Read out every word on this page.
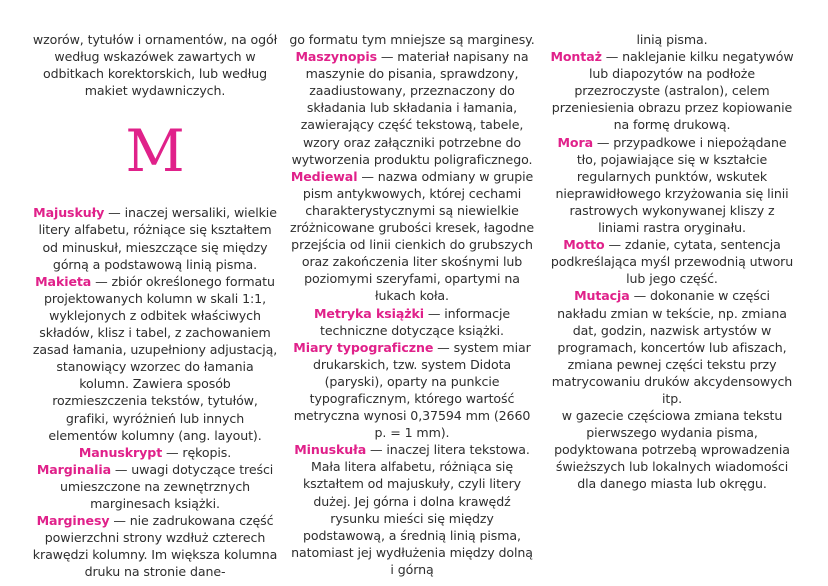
wzorów, tytułów i ornamentów, na ogół według wskazówek zawartych w odbitkach korektorskich, lub według makiet wydawniczych.

M

Majuskuły — inaczej wersaliki, wielkie litery alfabetu, różniące się kształtem od minuskuł, mieszczące się między górną a podstawową linią pisma.

Makieta — zbiór określonego formatu projektowanych kolumn w skali 1:1, wyklejonych z odbitek właściwych składów, klisz i tabel, z zachowaniem zasad łamania, uzupełniony adjustacją, stanowiący wzorzec do łamania kolumn. Zawiera sposób rozmieszczenia tekstów, tytułów, grafiki, wyróżnień lub innych elementów kolumny (ang. layout).

Manuskrypt — rękopis.

Marginalia — uwagi dotyczące treści umieszczone na zewnętrznych marginesach książki.

Marginesy — nie zadrukowana część powierzchni strony wzdłuż czterech krawędzi kolumny. Im większa kolumna druku na stronie dane-

go formatu tym mniejsze są marginesy.

Maszynopis — materiał napisany na maszynie do pisania, sprawdzony, zaadiustowany, przeznaczony do składania lub składania i łamania, zawierający część tekstową, tabele, wzory oraz załączniki potrzebne do wytworzenia produktu poligraficznego.

Mediewal — nazwa odmiany w grupie pism antykwowych, której cechami charakterystycznymi są niewielkie zróżnicowane grubości kresek, łagodne przejścia od linii cienkich do grubszych oraz zakończenia liter skośnymi lub poziomymi szeryfami, opartymi na łukach koła.

Metryka książki — informacje techniczne dotyczące książki.

Miary typograficzne — system miar drukarskich, tzw. system Didota (paryski), oparty na punkcie typograficznym, którego wartość metryczna wynosi 0,37594 mm (2660 p. = 1 mm).

Minuskuła — inaczej litera tekstowa. Mała litera alfabetu, różniąca się kształtem od majuskuły, czyli litery dużej. Jej górna i dolna krawędź rysunku mieści się między podstawową, a średnią linią pisma, natomiast jej wydłużenia między dolną i górną

linią pisma.

Montaż — naklejanie kilku negatywów lub diapozytów na podłoże przezroczyste (astralon), celem przeniesienia obrazu przez kopiowanie na formę drukową.

Mora — przypadkowe i niepożądane tło, pojawiające się w kształcie regularnych punktów, wskutek nieprawidłowego krzyżowania się linii rastrowych wykonywanej kliszy z liniami rastra oryginału.

Motto — zdanie, cytata, sentencja podkreślająca myśl przewodnią utworu lub jego część.

Mutacja — dokonanie w części nakładu zmian w tekście, np. zmiana dat, godzin, nazwisk artystów w programach, koncertów lub afiszach, zmiana pewnej części tekstu przy matrycowaniu druków akcydensowych itp.

w gazecie częściowa zmiana tekstu pierwszego wydania pisma, podyktowana potrzebą wprowadzenia świeższych lub lokalnych wiadomości dla danego miasta lub okręgu.
